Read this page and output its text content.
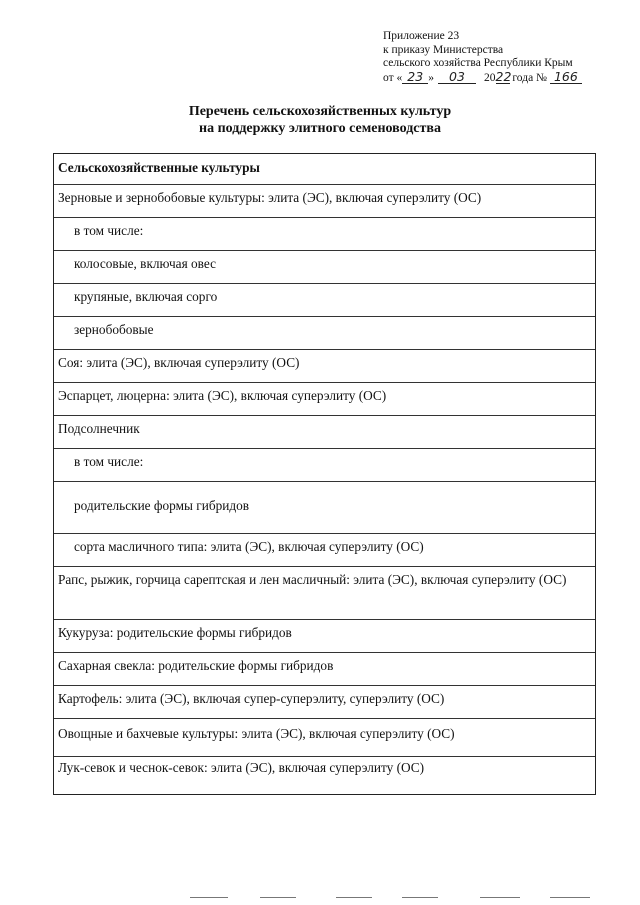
Приложение 23
к приказу Министерства
сельского хозяйства Республики Крым
от « 23 » 03 2022 года № 166
Перечень сельскохозяйственных культур
на поддержку элитного семеноводства
Сельскохозяйственные культуры
Зерновые и зернобобовые культуры: элита (ЭС), включая суперэлиту (ОС)
в том числе:
колосовые, включая овес
крупяные, включая сорго
зернобобовые
Соя: элита (ЭС), включая суперэлиту (ОС)
Эспарцет, люцерна: элита (ЭС), включая суперэлиту (ОС)
Подсолнечник
в том числе:
родительские формы гибридов
сорта масличного типа: элита (ЭС), включая суперэлиту (ОС)
Рапс, рыжик, горчица сарептская и лен масличный: элита (ЭС), включая суперэлиту (ОС)
Кукуруза: родительские формы гибридов
Сахарная свекла: родительские формы гибридов
Картофель: элита (ЭС), включая супер-суперэлиту, суперэлиту (ОС)
Овощные и бахчевые культуры: элита (ЭС), включая суперэлиту (ОС)
Лук-севок и чеснок-севок: элита (ЭС), включая суперэлиту (ОС)
